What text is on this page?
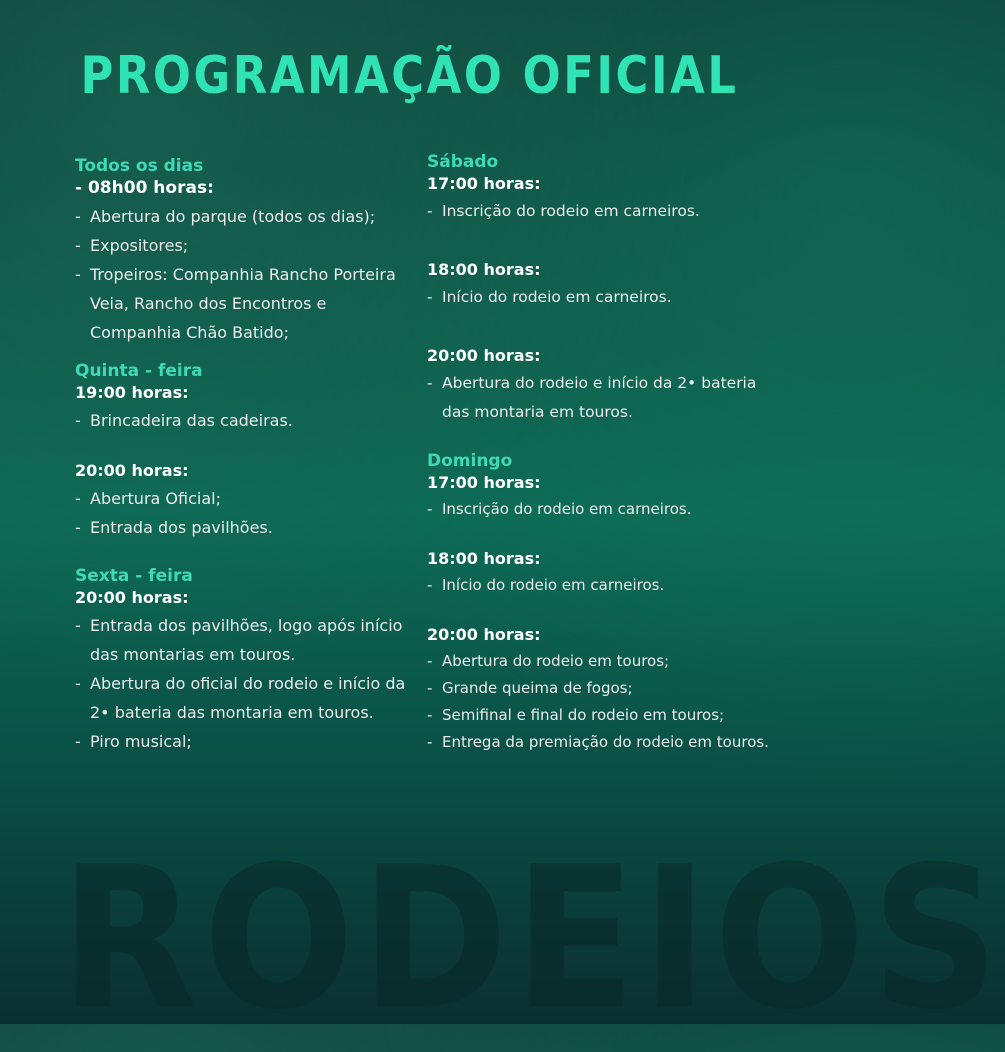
RODEIOS
PROGRAMAÇÃO OFICIAL
Todos os dias
- 08h00 horas:
- Abertura do parque (todos os dias);
- Expositores;
- Tropeiros: Companhia Rancho Porteira Veia, Rancho dos Encontros e Companhia Chão Batido;
Quinta - feira
19:00 horas:
- Brincadeira das cadeiras.
20:00 horas:
- Abertura Oficial;
- Entrada dos pavilhões.
Sexta - feira
20:00 horas:
- Entrada dos pavilhões, logo após início das montarias em touros.
- Abertura do oficial do rodeio e início da 2• bateria das montaria em touros.
- Piro musical;
Sábado
17:00 horas:
- Inscrição do rodeio em carneiros.
18:00 horas:
- Início do rodeio em carneiros.
20:00 horas:
- Abertura do rodeio e início da 2• bateria das montaria em touros.
Domingo
17:00 horas:
- Inscrição do rodeio em carneiros.
18:00 horas:
- Início do rodeio em carneiros.
20:00 horas:
- Abertura do rodeio em touros;
- Grande queima de fogos;
- Semifinal e final do rodeio em touros;
- Entrega da premiação do rodeio em touros.
